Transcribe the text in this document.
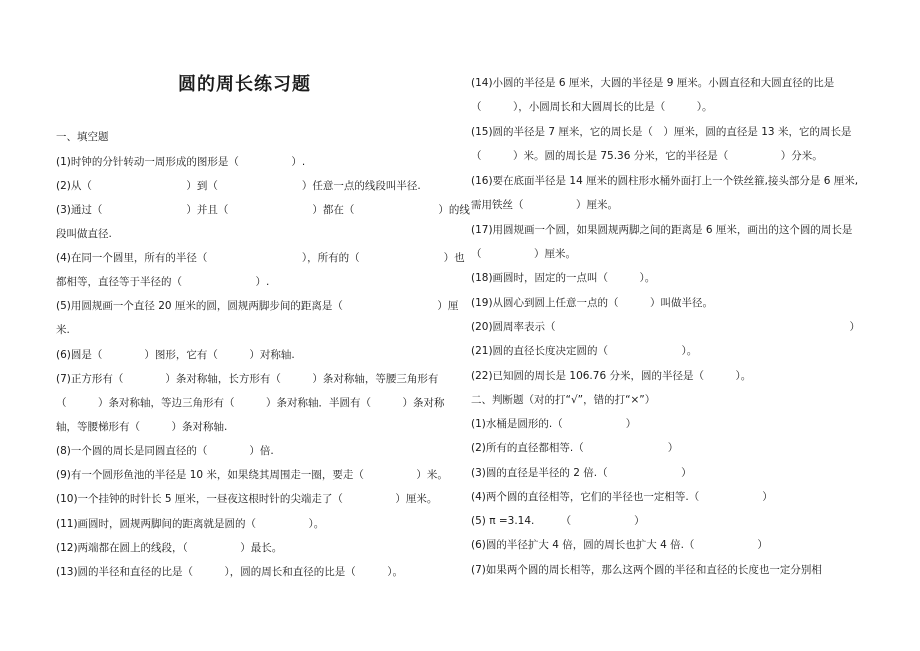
圆的周长练习题
一、填空题
(1)时钟的分针转动一周形成的图形是（　　　　　）.
(2)从（　　　　　　　　　）到（　　　　　　　　）任意一点的线段叫半径.
(3)通过（　　　　　　　　）并且（　　　　　　　　）都在（　　　　　　　　）的线
段叫做直径.
(4)在同一个圆里，所有的半径（　　　　　　　　　），所有的（　　　　　　　　）也
都相等，直径等于半径的（　　　　　　　）.
(5)用圆规画一个直径 20 厘米的圆，圆规两脚步间的距离是（　　　　　　　　　）厘
米.
(6)圆是（　　　　）图形，它有（　　　）对称轴.
(7)正方形有（　　　　）条对称轴，长方形有（　　　）条对称轴，等腰三角形有
（　　　）条对称轴，等边三角形有（　　　）条对称轴．半圆有（　　　）条对称
轴，等腰梯形有（　　　）条对称轴.
(8)一个圆的周长是同圆直径的（　　　　）倍.
(9)有一个圆形鱼池的半径是 10 米，如果绕其周围走一圈，要走（　　　　　）米。
(10)一个挂钟的时针长 5 厘米，一昼夜这根时针的尖端走了（　　　　　）厘米。
(11)画圆时，圆规两脚间的距离就是圆的（　　　　　）。
(12)两端都在圆上的线段，（　　　　　）最长。
(13)圆的半径和直径的比是（　　　），圆的周长和直径的比是（　　　）。
(14)小圆的半径是 6 厘米，大圆的半径是 9 厘米。小圆直径和大圆直径的比是
（　　　），小圆周长和大圆周长的比是（　　　）。
(15)圆的半径是 7 厘米，它的周长是（　）厘米，圆的直径是 13 米，它的周长是
（　　　）米。圆的周长是 75.36 分米，它的半径是（　　　　　）分米。
(16)要在底面半径是 14 厘米的圆柱形水桶外面打上一个铁丝箍,接头部分是 6 厘米,
需用铁丝（　　　　　）厘米。
(17)用圆规画一个圆，如果圆规两脚之间的距离是 6 厘米，画出的这个圆的周长是
（　　　　　）厘米。
(18)画圆时，固定的一点叫（　　　）。
(19)从圆心到圆上任意一点的（　　　）叫做半径。
(20)圆周率表示（　　　　　　　　　　　　　　　　　　　　　　　　　　　　）
(21)圆的直径长度决定圆的（　　　　　　　）。
(22)已知圆的周长是 106.76 分米，圆的半径是（　　　）。
二、判断题（对的打“√”，错的打“×”）
(1)水桶是圆形的.（　　　　　　）
(2)所有的直径都相等.（　　　　　　　　）
(3)圆的直径是半径的 2 倍.（　　　　　　　）
(4)两个圆的直径相等，它们的半径也一定相等.（　　　　　　）
(5) π =3.14.　　　（　　　　　　）
(6)圆的半径扩大 4 倍，圆的周长也扩大 4 倍.（　　　　　　）
(7)如果两个圆的周长相等，那么这两个圆的半径和直径的长度也一定分别相
